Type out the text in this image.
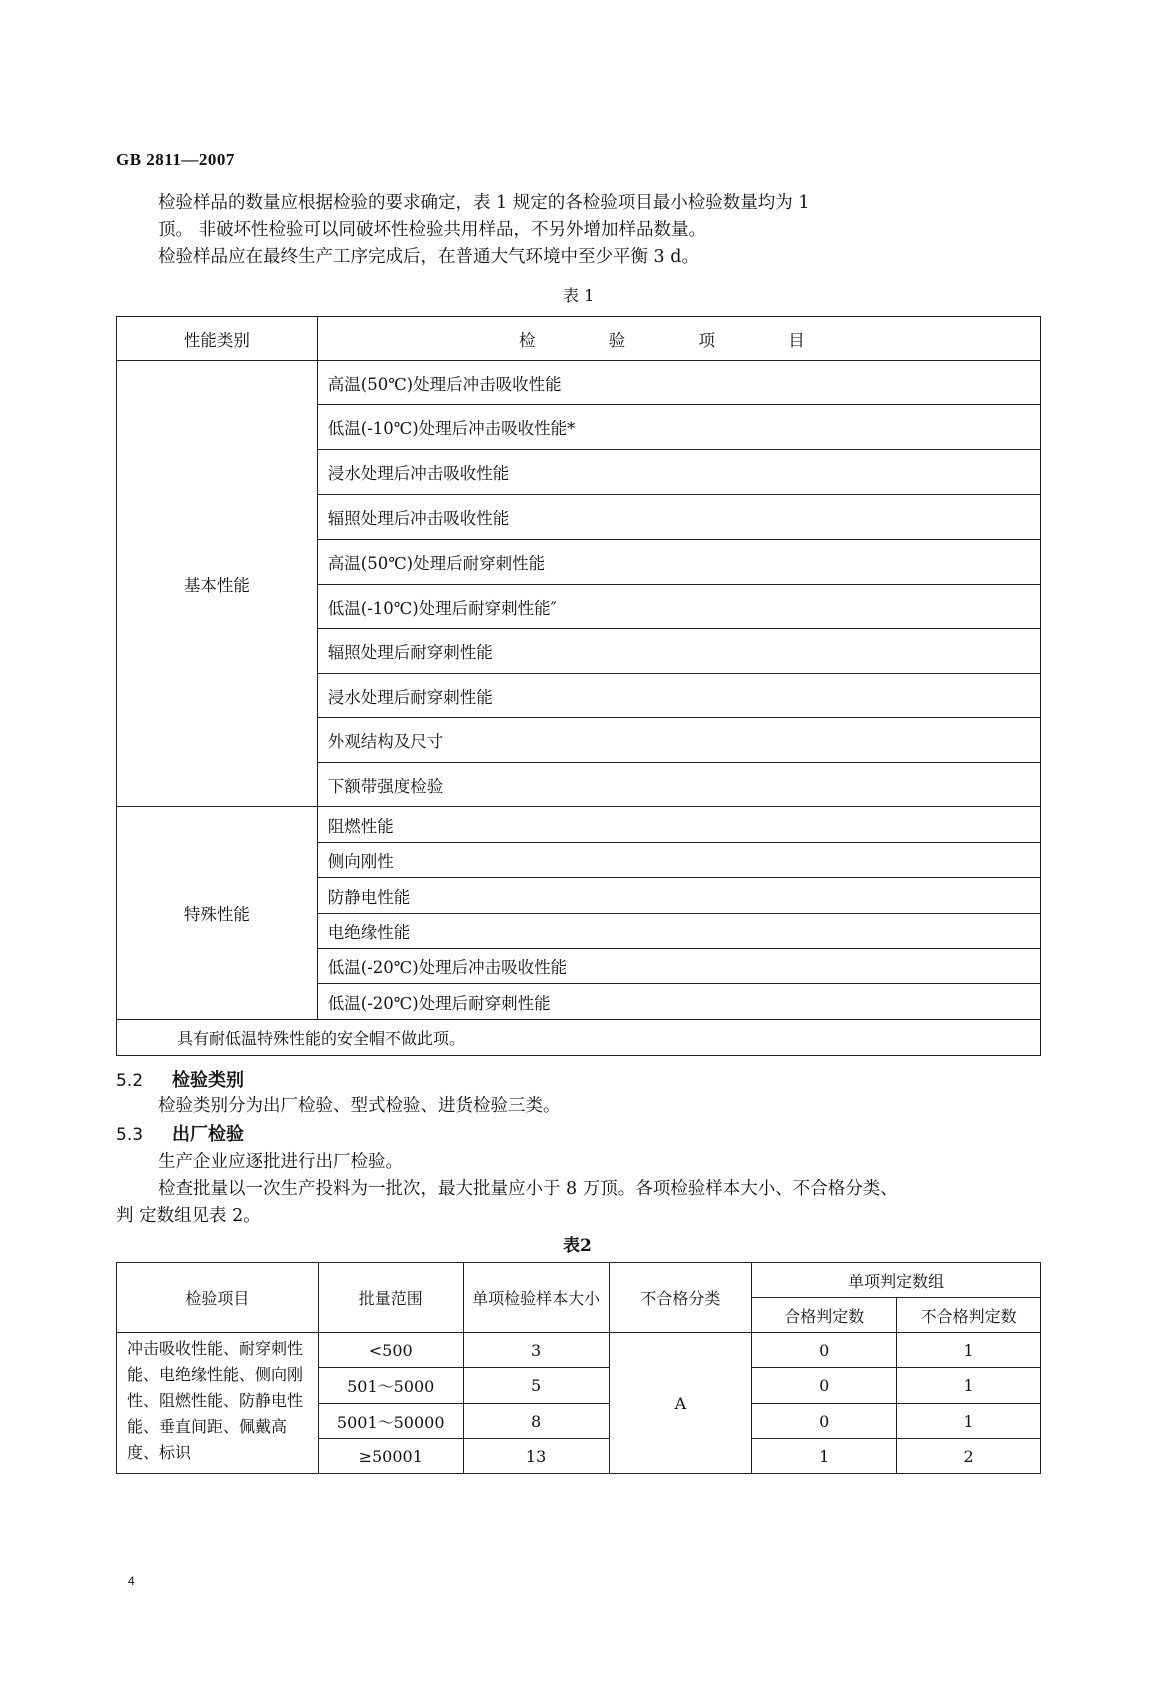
GB 2811—2007
检验样品的数量应根据检验的要求确定，表 1 规定的各检验项目最小检验数量均为 1
顶。 非破坏性检验可以同破坏性检验共用样品，不另外增加样品数量。
检验样品应在最终生产工序完成后，在普通大气环境中至少平衡 3 d。
表 1
性能类别	检 验 项 目
基本性能	高温(50℃)处理后冲击吸收性能
	低温(-10℃)处理后冲击吸收性能*
	浸水处理后冲击吸收性能
	辐照处理后冲击吸收性能
	高温(50℃)处理后耐穿刺性能
	低温(-10℃)处理后耐穿刺性能″
	辐照处理后耐穿刺性能
	浸水处理后耐穿刺性能
	外观结构及尺寸
	下额带强度检验
特殊性能	阻燃性能
	侧向刚性
	防静电性能
	电绝缘性能
	低温(-20℃)处理后冲击吸收性能
	低温(-20℃)处理后耐穿刺性能
具有耐低温特殊性能的安全帽不做此项。	
5.2 检验类别
检验类别分为出厂检验、型式检验、进货检验三类。
5.3 出厂检验
生产企业应逐批进行出厂检验。
检查批量以一次生产投料为一批次，最大批量应小于 8 万顶。各项检验样本大小、不合格分类、
判 定数组见表 2。
表2
检验项目	批量范围	单项检验样本大小	不合格分类	单项判定数组	
				合格判定数	不合格判定数
冲击吸收性能、耐穿刺性能、电绝缘性能、侧向刚性、阻燃性能、防静电性能、垂直间距、佩戴高度、标识	<500	3	A	0	1
	501～5000	5		0	1
	5001～50000	8		0	1
	≥50001	13		1	2
4
